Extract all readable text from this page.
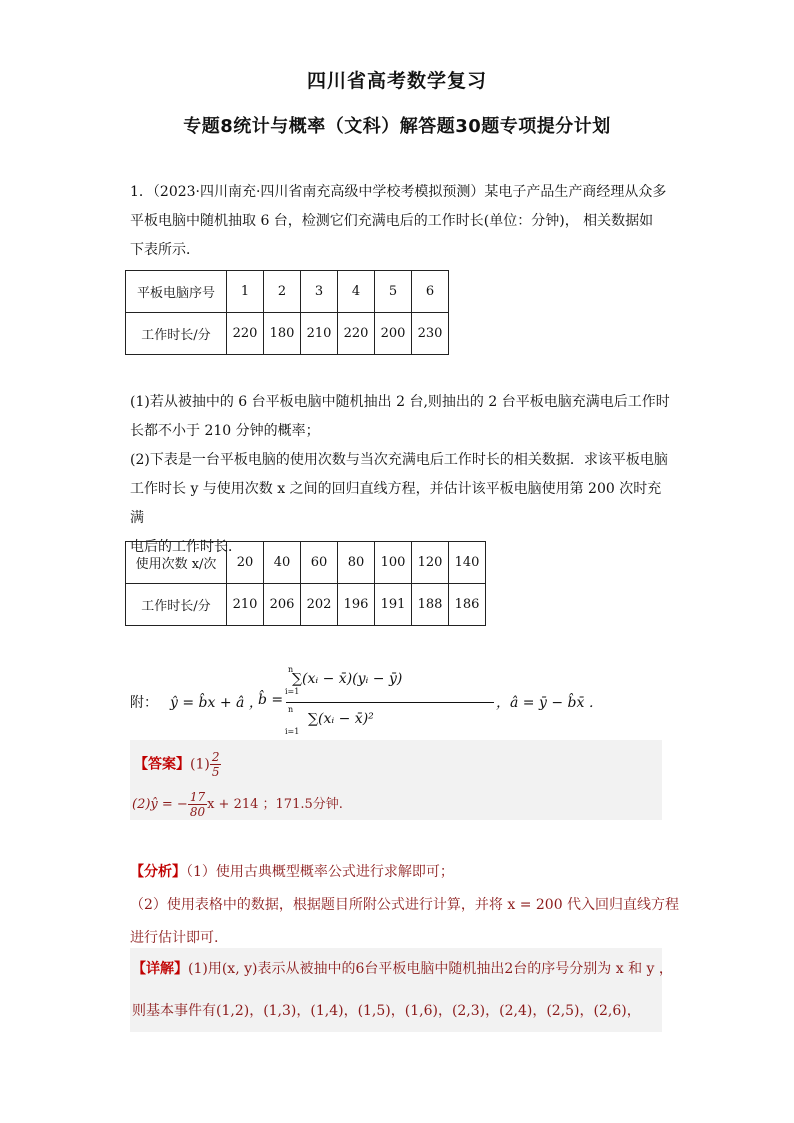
四川省高考数学复习
专题8统计与概率（文科）解答题30题专项提分计划
1．（2023·四川南充·四川省南充高级中学校考模拟预测）某电子产品生产商经理从众多
平板电脑中随机抽取 6 台，检测它们充满电后的工作时长(单位：分钟)， 相关数据如
下表所示．
平板电脑序号	1	2	3	4	5	6
工作时长/分	220	180	210	220	200	230
(1)若从被抽中的 6 台平板电脑中随机抽出 2 台,则抽出的 2 台平板电脑充满电后工作时
长都不小于 210 分钟的概率；
(2)下表是一台平板电脑的使用次数与当次充满电后工作时长的相关数据．求该平板电脑
工作时长 y 与使用次数 x 之间的回归直线方程，并估计该平板电脑使用第 200 次时充满
电后的工作时长．
使用次数 x/次	20	40	60	80	100	120	140
工作时长/分	210	206	202	196	191	188	186
附： ŷ = b̂x + â ，
b̂ =
n
∑(xᵢ − x̄)(yᵢ − ȳ)
i=1
n
∑(xᵢ − x̄)²
i=1
，â = ȳ − b̂x̄ ．
【答案】$(1) \frac{2}{5}$
(2)ŷ = − $\frac{17}{80}$ x + 214 ；171.5分钟.
【分析】（1）使用古典概型概率公式进行求解即可；
（2）使用表格中的数据，根据题目所附公式进行计算，并将 x = 200 代入回归直线方程
进行估计即可.
【详解】(1)用(x, y)表示从被抽中的6台平板电脑中随机抽出2台的序号分别为 x 和 y ，
则基本事件有(1,2)，(1,3)，(1,4)，(1,5)，(1,6)，(2,3)，(2,4)，(2,5)，(2,6)，
